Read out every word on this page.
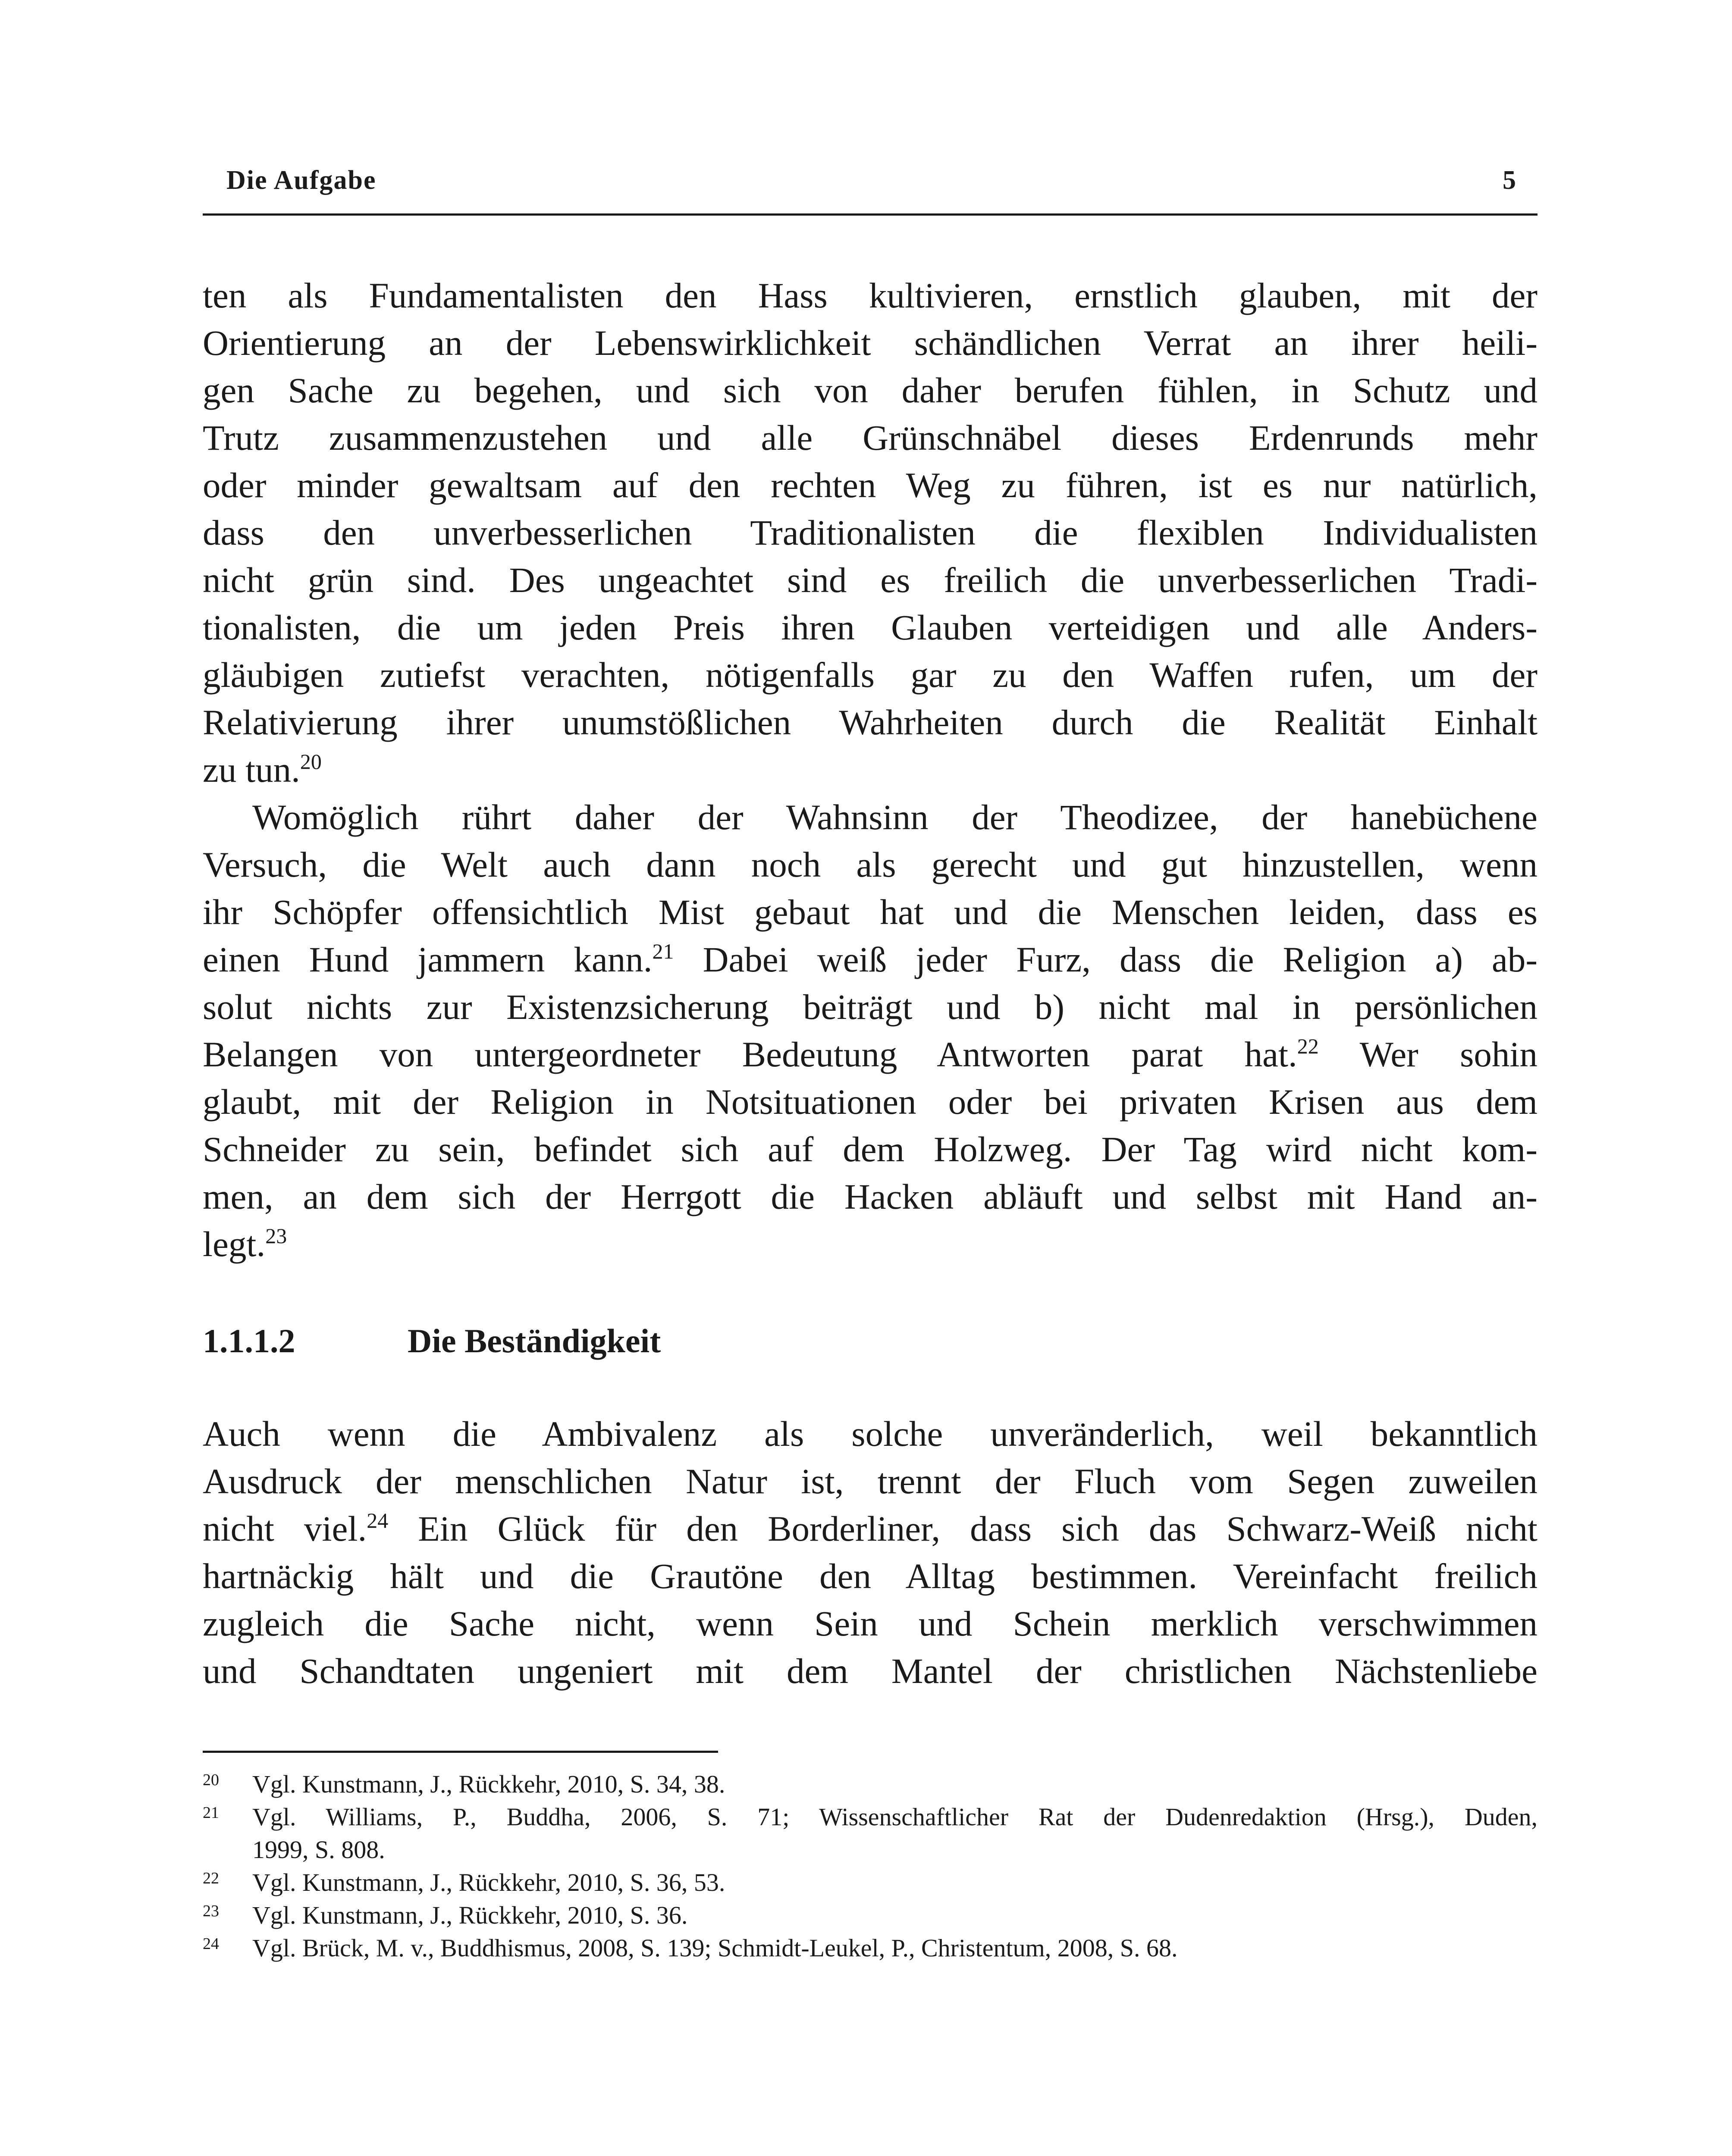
Die Aufgabe	5
ten als Fundamentalisten den Hass kultivieren, ernstlich glauben, mit der
Orientierung an der Lebenswirklichkeit schändlichen Verrat an ihrer heili-
gen Sache zu begehen, und sich von daher berufen fühlen, in Schutz und
Trutz zusammenzustehen und alle Grünschnäbel dieses Erdenrunds mehr
oder minder gewaltsam auf den rechten Weg zu führen, ist es nur natürlich,
dass den unverbesserlichen Traditionalisten die flexiblen Individualisten
nicht grün sind. Des ungeachtet sind es freilich die unverbesserlichen Tradi-
tionalisten, die um jeden Preis ihren Glauben verteidigen und alle Anders-
gläubigen zutiefst verachten, nötigenfalls gar zu den Waffen rufen, um der
Relativierung ihrer unumstößlichen Wahrheiten durch die Realität Einhalt
zu tun.$^{20}$
Womöglich rührt daher der Wahnsinn der Theodizee, der hanebüchene
Versuch, die Welt auch dann noch als gerecht und gut hinzustellen, wenn
ihr Schöpfer offensichtlich Mist gebaut hat und die Menschen leiden, dass es
einen Hund jammern kann.$^{21}$ Dabei weiß jeder Furz, dass die Religion a) ab-
solut nichts zur Existenzsicherung beiträgt und b) nicht mal in persönlichen
Belangen von untergeordneter Bedeutung Antworten parat hat.$^{22}$ Wer sohin
glaubt, mit der Religion in Notsituationen oder bei privaten Krisen aus dem
Schneider zu sein, befindet sich auf dem Holzweg. Der Tag wird nicht kom-
men, an dem sich der Herrgott die Hacken abläuft und selbst mit Hand an-
legt.$^{23}$
1.1.1.2	Die Beständigkeit
Auch wenn die Ambivalenz als solche unveränderlich, weil bekanntlich
Ausdruck der menschlichen Natur ist, trennt der Fluch vom Segen zuweilen
nicht viel.$^{24}$ Ein Glück für den Borderliner, dass sich das Schwarz-Weiß nicht
hartnäckig hält und die Grautöne den Alltag bestimmen. Vereinfacht freilich
zugleich die Sache nicht, wenn Sein und Schein merklich verschwimmen
und Schandtaten ungeniert mit dem Mantel der christlichen Nächstenliebe
20 Vgl. Kunstmann, J., Rückkehr, 2010, S. 34, 38.
21 Vgl. Williams, P., Buddha, 2006, S. 71; Wissenschaftlicher Rat der Dudenredaktion (Hrsg.), Duden,
1999, S. 808.
22 Vgl. Kunstmann, J., Rückkehr, 2010, S. 36, 53.
23 Vgl. Kunstmann, J., Rückkehr, 2010, S. 36.
24 Vgl. Brück, M. v., Buddhismus, 2008, S. 139; Schmidt-Leukel, P., Christentum, 2008, S. 68.
